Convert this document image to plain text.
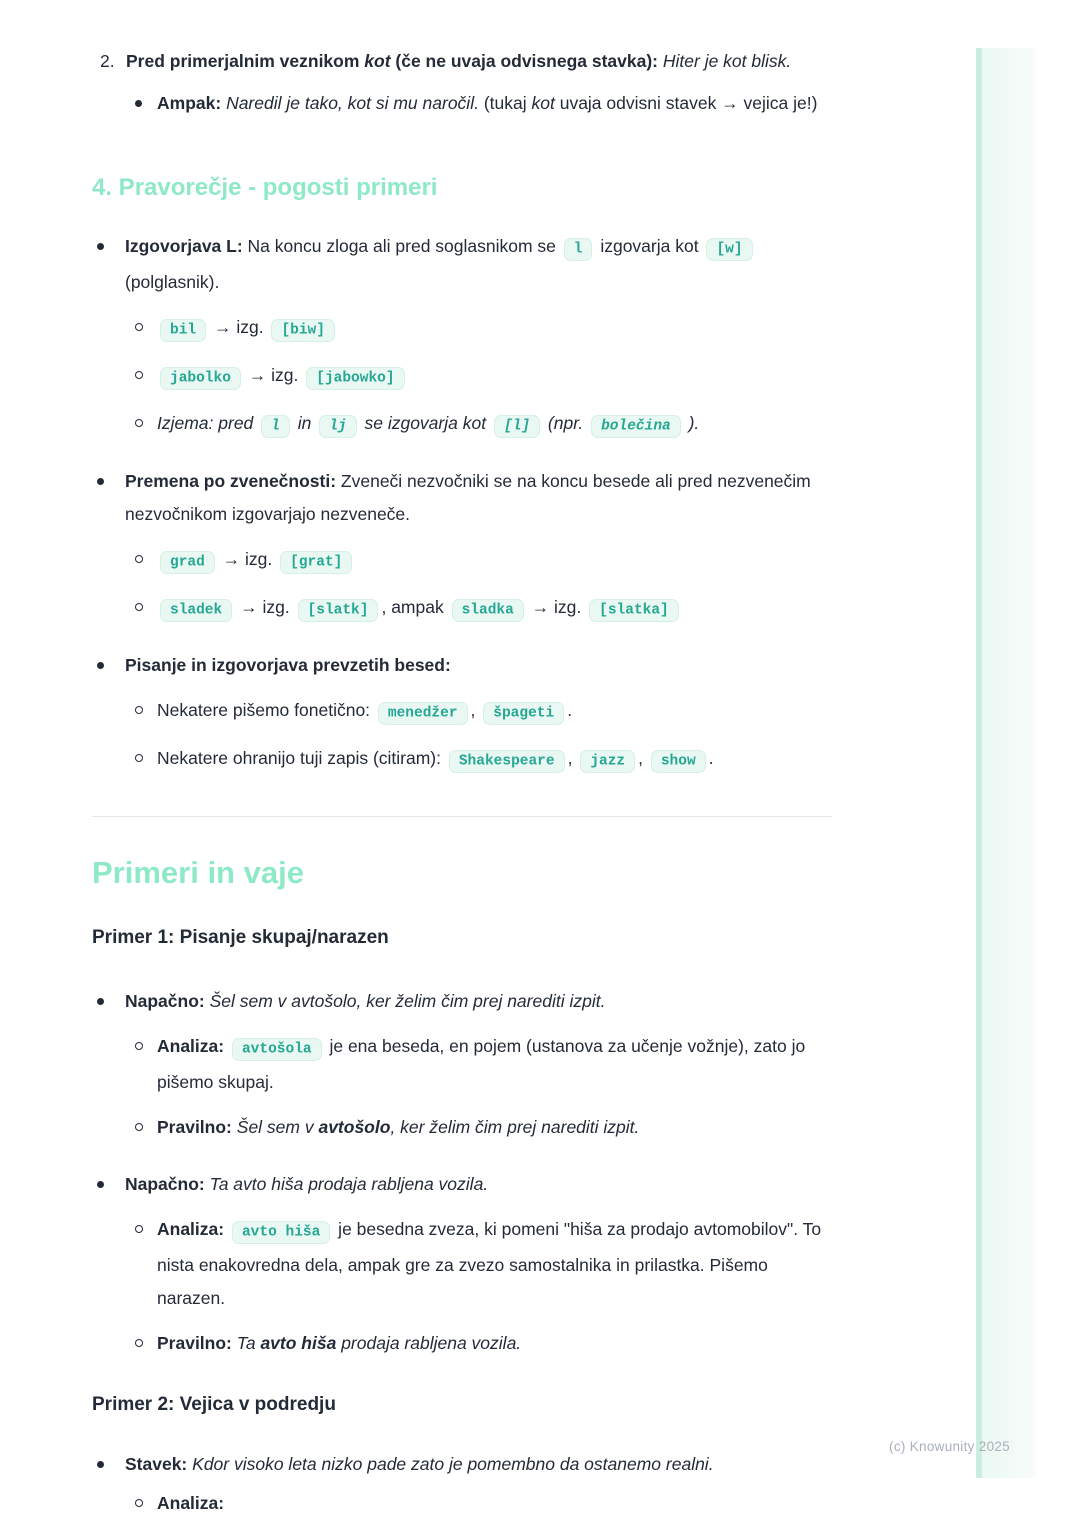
2. Pred primerjalnim veznikom kot (če ne uvaja odvisnega stavka): Hiter je kot blisk.
Ampak: Naredil je tako, kot si mu naročil. (tukaj kot uvaja odvisni stavek → vejica je!)
4. Pravorečje - pogosti primeri
Izgovorjava L: Na koncu zloga ali pred soglasnikom se l izgovarja kot [w] (polglasnik).
bil → izg. [biw]
jabolko → izg. [jabowko]
Izjema: pred l in lj se izgovarja kot [l] (npr. bolečina ).
Premena po zvenečnosti: Zveneči nezvočniki se na koncu besede ali pred nezvenečim nezvočnikom izgovarjajo nezveneče.
grad → izg. [grat]
sladek → izg. [slatk] , ampak sladka → izg. [slatka]
Pisanje in izgovorjava prevzetih besed:
Nekatere pišemo fonetično: menedžer , špageti .
Nekatere ohranijo tuji zapis (citiram): Shakespeare , jazz , show .
Primeri in vaje
Primer 1: Pisanje skupaj/narazen
Napačno: Šel sem v avtošolo, ker želim čim prej narediti izpit.
Analiza: avtošola je ena beseda, en pojem (ustanova za učenje vožnje), zato jo pišemo skupaj.
Pravilno: Šel sem v avtošolo, ker želim čim prej narediti izpit.
Napačno: Ta avto hiša prodaja rabljena vozila.
Analiza: avto hiša je besedna zveza, ki pomeni "hiša za prodajo avtomobilov". To nista enakovredna dela, ampak gre za zvezo samostalnika in prilastka. Pišemo narazen.
Pravilno: Ta avto hiša prodaja rabljena vozila.
Primer 2: Vejica v podredju
Stavek: Kdor visoko leta nizko pade zato je pomembno da ostanemo realni.
Analiza:
(c) Knowunity 2025
